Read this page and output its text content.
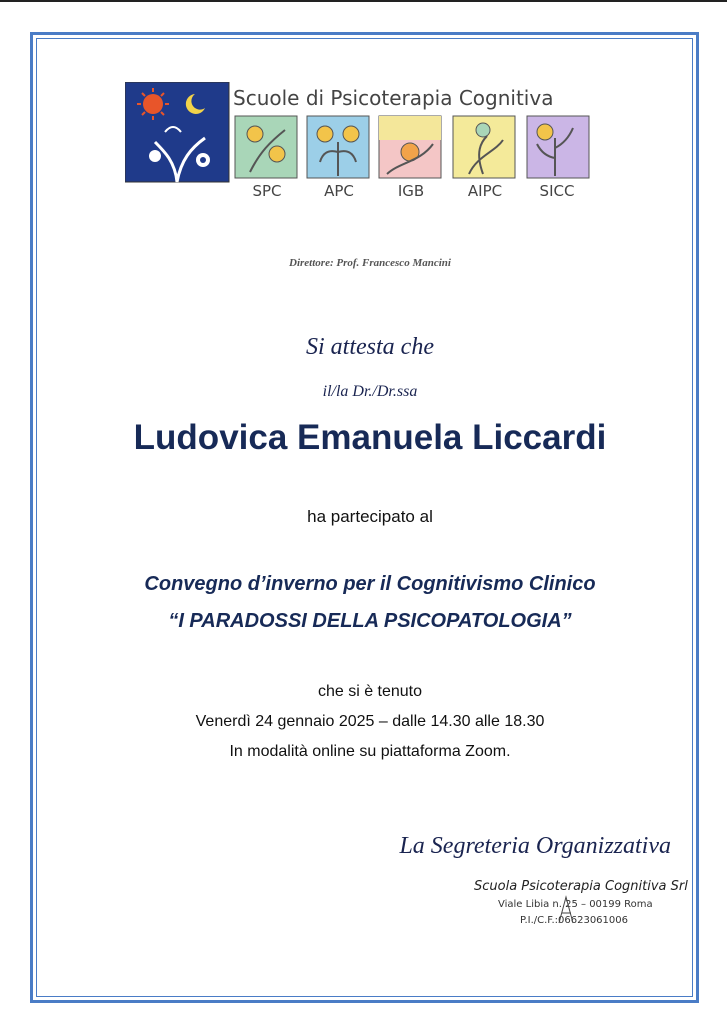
Scuole di Psicoterapia Cognitiva
SPC	APC	IGB	AIPC	SICC
Direttore: Prof. Francesco Mancini
Si attesta che
il/la Dr./Dr.ssa
Ludovica Emanuela Liccardi
ha partecipato al
Convegno d’inverno per il Cognitivismo Clinico
“I PARADOSSI DELLA PSICOPATOLOGIA”
che si è tenuto
Venerdì 24 gennaio 2025 – dalle 14.30 alle 18.30
In modalità online su piattaforma Zoom.
La Segreteria Organizzativa
Scuola Psicoterapia Cognitiva Srl
Viale Libia n. 25 – 00199 Roma
P.I./C.F.:06623061006
